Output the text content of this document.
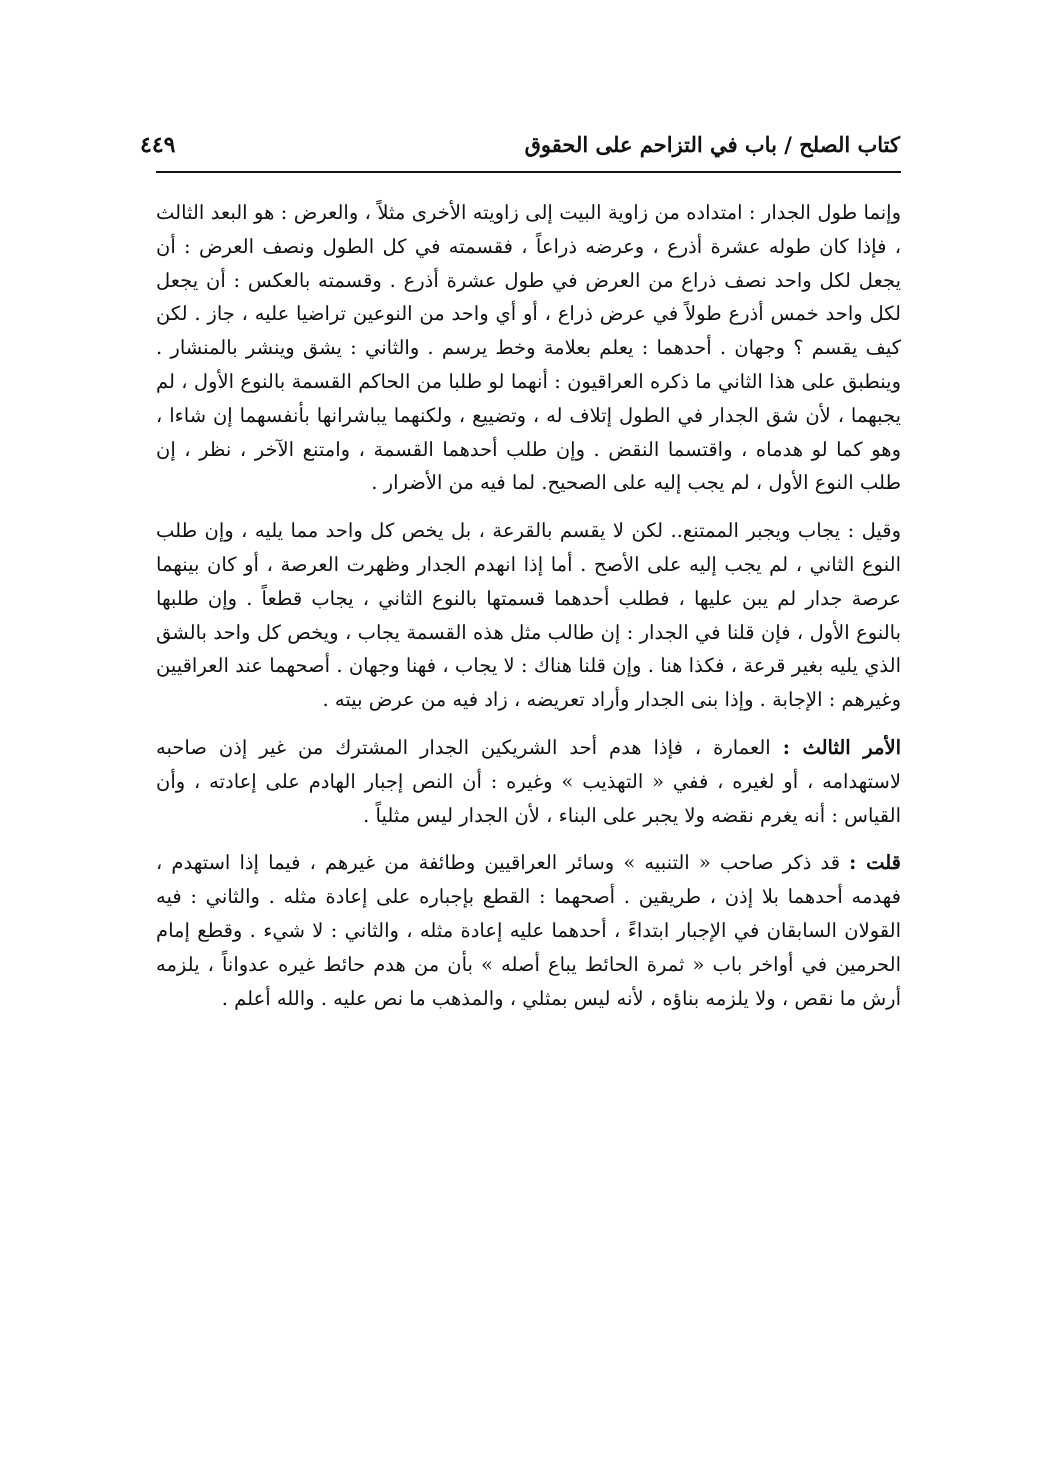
كتاب الصلح / باب في التزاحم على الحقوق
٤٤٩

وإنما طول الجدار : امتداده من زاوية البيت إلى زاويته الأخرى مثلاً ، والعرض : هو البعد الثالث ، فإذا كان طوله عشرة أذرع ، وعرضه ذراعاً ، فقسمته في كل الطول ونصف العرض : أن يجعل لكل واحد نصف ذراع من العرض في طول عشرة أذرع . وقسمته بالعكس : أن يجعل لكل واحد خمس أذرع طولاً في عرض ذراع ، أو أي واحد من النوعين تراضيا عليه ، جاز . لكن كيف يقسم ؟ وجهان . أحدهما : يعلم بعلامة وخط يرسم . والثاني : يشق وينشر بالمنشار . وينطبق على هذا الثاني ما ذكره العراقيون : أنهما لو طلبا من الحاكم القسمة بالنوع الأول ، لم يجبهما ، لأن شق الجدار في الطول إتلاف له ، وتضييع ، ولكنهما يباشرانها بأنفسهما إن شاءا ، وهو كما لو هدماه ، واقتسما النقض . وإن طلب أحدهما القسمة ، وامتنع الآخر ، نظر ، إن طلب النوع الأول ، لم يجب إليه على الصحيح. لما فيه من الأضرار .

وقيل : يجاب ويجبر الممتنع.. لكن لا يقسم بالقرعة ، بل يخص كل واحد مما يليه ، وإن طلب النوع الثاني ، لم يجب إليه على الأصح . أما إذا انهدم الجدار وظهرت العرصة ، أو كان بينهما عرصة جدار لم يبن عليها ، فطلب أحدهما قسمتها بالنوع الثاني ، يجاب قطعاً . وإن طلبها بالنوع الأول ، فإن قلنا في الجدار : إن طالب مثل هذه القسمة يجاب ، ويخص كل واحد بالشق الذي يليه بغير قرعة ، فكذا هنا . وإن قلنا هناك : لا يجاب ، فهنا وجهان . أصحهما عند العراقيين وغيرهم : الإجابة . وإذا بنى الجدار وأراد تعريضه ، زاد فيه من عرض بيته .

الأمر الثالث : العمارة ، فإذا هدم أحد الشريكين الجدار المشترك من غير إذن صاحبه لاستهدامه ، أو لغيره ، ففي « التهذيب » وغيره : أن النص إجبار الهادم على إعادته ، وأن القياس : أنه يغرم نقضه ولا يجبر على البناء ، لأن الجدار ليس مثلياً .

قلت : قد ذكر صاحب « التنبيه » وسائر العراقيين وطائفة من غيرهم ، فيما إذا استهدم ، فهدمه أحدهما بلا إذن ، طريقين . أصحهما : القطع بإجباره على إعادة مثله . والثاني : فيه القولان السابقان في الإجبار ابتداءً ، أحدهما عليه إعادة مثله ، والثاني : لا شيء . وقطع إمام الحرمين في أواخر باب « ثمرة الحائط يباع أصله » بأن من هدم حائط غيره عدواناً ، يلزمه أرش ما نقص ، ولا يلزمه بناؤه ، لأنه ليس بمثلي ، والمذهب ما نص عليه . والله أعلم .
